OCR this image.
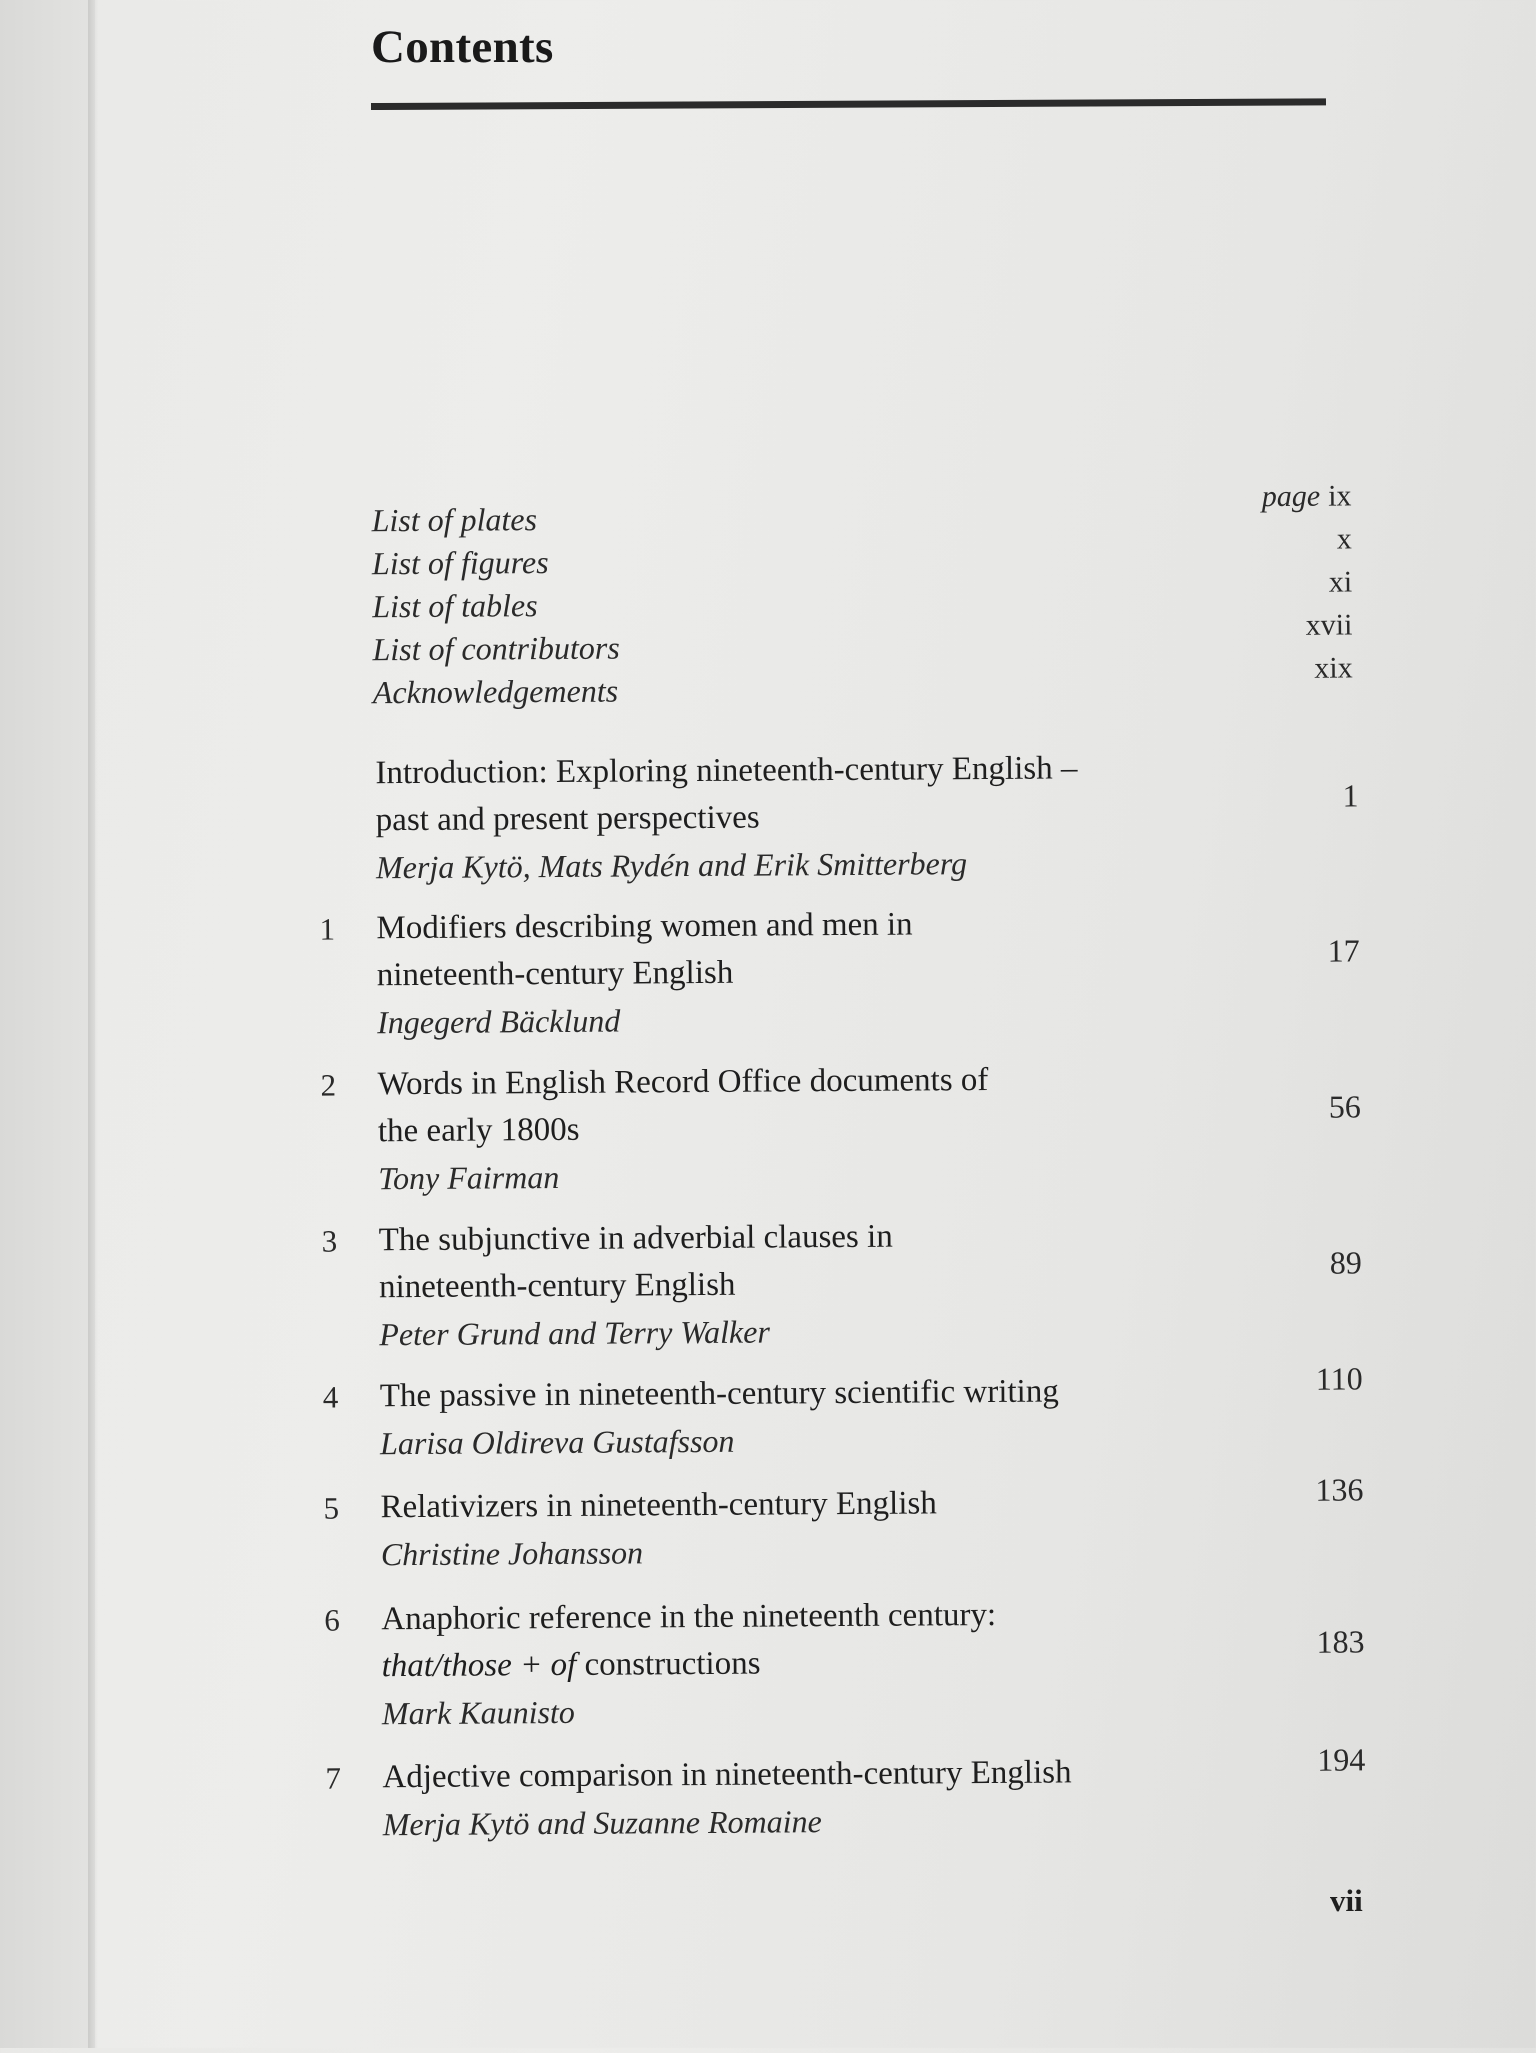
Contents
List of plates
page ix
List of figures
x
List of tables
xi
List of contributors
xvii
Acknowledgements
xix
Introduction: Exploring nineteenth-century English –
past and present perspectives
Merja Kytö, Mats Rydén and Erik Smitterberg
1
1	Modifiers describing women and men in
nineteenth-century English
Ingegerd Bäcklund
17
2	Words in English Record Office documents of
the early 1800s
Tony Fairman
56
3	The subjunctive in adverbial clauses in
nineteenth-century English
Peter Grund and Terry Walker
89
4	The passive in nineteenth-century scientific writing
Larisa Oldireva Gustafsson
110
5	Relativizers in nineteenth-century English
Christine Johansson
136
6	Anaphoric reference in the nineteenth century:
that/those + of constructions
Mark Kaunisto
183
7	Adjective comparison in nineteenth-century English
Merja Kytö and Suzanne Romaine
194
vii
